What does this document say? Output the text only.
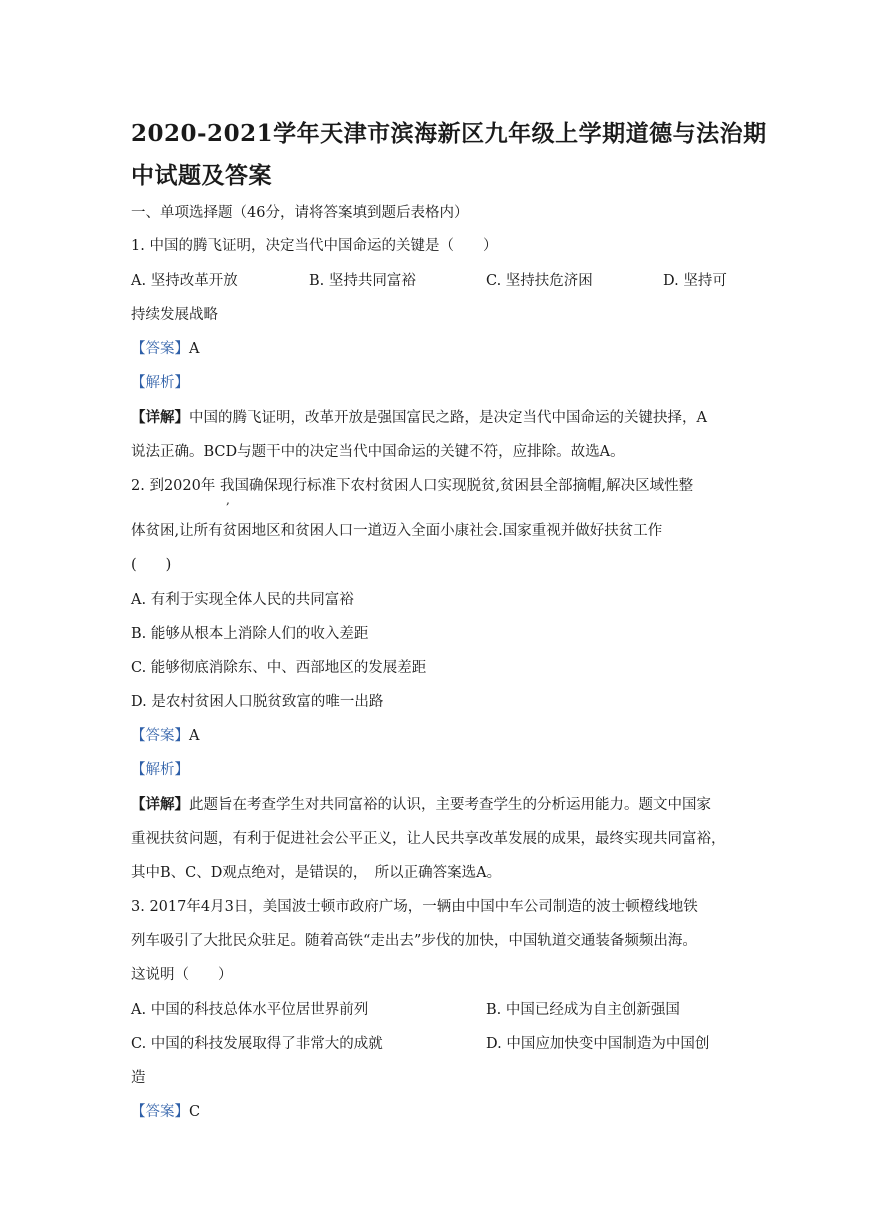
2020-2021学年天津市滨海新区九年级上学期道德与法治期
中试题及答案
一、单项选择题（46分，请将答案填到题后表格内）
1. 中国的腾飞证明，决定当代中国命运的关键是（　　）
A. 坚持改革开放	B. 坚持共同富裕	C. 坚持扶危济困	D. 坚持可
持续发展战略
【答案】A
【解析】
【详解】中国的腾飞证明，改革开放是强国富民之路，是决定当代中国命运的关键抉择，A
说法正确。BCD与题干中的决定当代中国命运的关键不符，应排除。故选A。
2. 到2020年 我国确保现行标准下农村贫困人口实现脱贫,贫困县全部摘帽,解决区域性整
,
体贫困,让所有贫困地区和贫困人口一道迈入全面小康社会.国家重视并做好扶贫工作
(　　)
A. 有利于实现全体人民的共同富裕
B. 能够从根本上消除人们的收入差距
C. 能够彻底消除东、中、西部地区的发展差距
D. 是农村贫困人口脱贫致富的唯一出路
【答案】A
【解析】
【详解】此题旨在考查学生对共同富裕的认识，主要考查学生的分析运用能力。题文中国家
重视扶贫问题，有利于促进社会公平正义，让人民共享改革发展的成果，最终实现共同富裕，
其中B、C、D观点绝对，是错误的，　所以正确答案选A。
3. 2017年4月3日，美国波士顿市政府广场，一辆由中国中车公司制造的波士顿橙线地铁
列车吸引了大批民众驻足。随着高铁“走出去”步伐的加快，中国轨道交通装备频频出海。
这说明（　　）
A. 中国的科技总体水平位居世界前列	B. 中国已经成为自主创新强国
C. 中国的科技发展取得了非常大的成就	D. 中国应加快变中国制造为中国创
造
【答案】C
